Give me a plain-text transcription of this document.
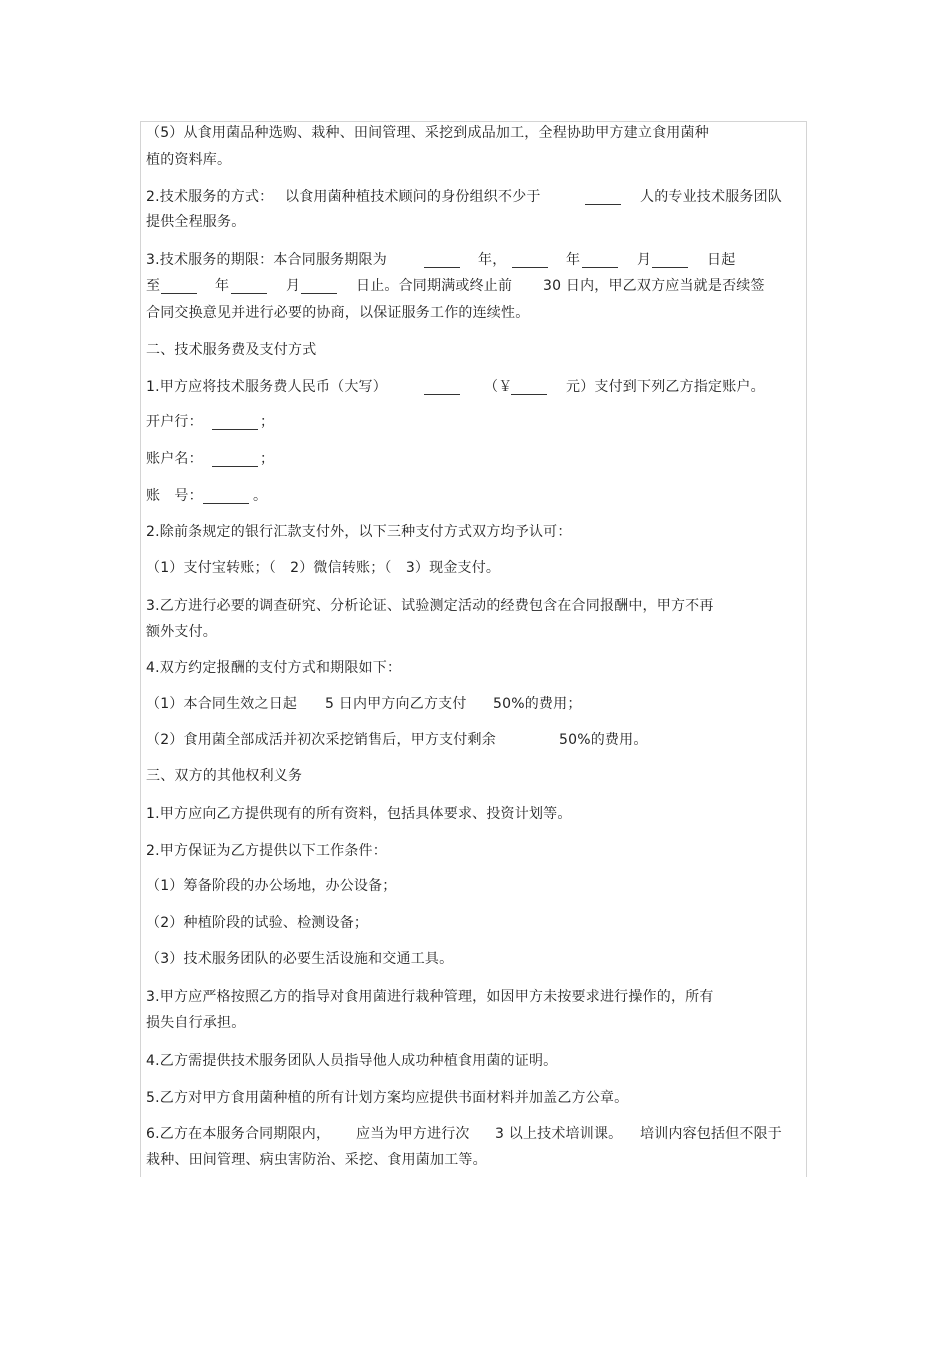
（5）从食用菌品种选购、栽种、田间管理、采挖到成品加工，全程协助甲方建立食用菌种
植的资料库。
2.技术服务的方式： 以食用菌种植技术顾问的身份组织不少于	人的专业技术服务团队
提供全程服务。
3.技术服务的期限：本合同服务期限为	年，	年	月	日起
至	年	月	日止。合同期满或终止前 30 日内，甲乙双方应当就是否续签
合同交换意见并进行必要的协商，以保证服务工作的连续性。
二、技术服务费及支付方式
1.甲方应将技术服务费人民币（大写）	（￥	元）支付到下列乙方指定账户。
开户行：	；
账户名：	；
账　号：	。
2.除前条规定的银行汇款支付外，以下三种支付方式双方均予认可：
（1）支付宝转账；（　2）微信转账；（　3）现金支付。
3.乙方进行必要的调查研究、分析论证、试验测定活动的经费包含在合同报酬中，甲方不再
额外支付。
4.双方约定报酬的支付方式和期限如下：
（1）本合同生效之日起 5 日内甲方向乙方支付 50%的费用；
（2）食用菌全部成活并初次采挖销售后，甲方支付剩余	50%的费用。
三、双方的其他权利义务
1.甲方应向乙方提供现有的所有资料，包括具体要求、投资计划等。
2.甲方保证为乙方提供以下工作条件：
（1）筹备阶段的办公场地，办公设备；
（2）种植阶段的试验、检测设备；
（3）技术服务团队的必要生活设施和交通工具。
3.甲方应严格按照乙方的指导对食用菌进行栽种管理，如因甲方未按要求进行操作的，所有
损失自行承担。
4.乙方需提供技术服务团队人员指导他人成功种植食用菌的证明。
5.乙方对甲方食用菌种植的所有计划方案均应提供书面材料并加盖乙方公章。
6.乙方在本服务合同期限内， 应当为甲方进行次 3 以上技术培训课。 培训内容包括但不限于
栽种、田间管理、病虫害防治、采挖、食用菌加工等。
